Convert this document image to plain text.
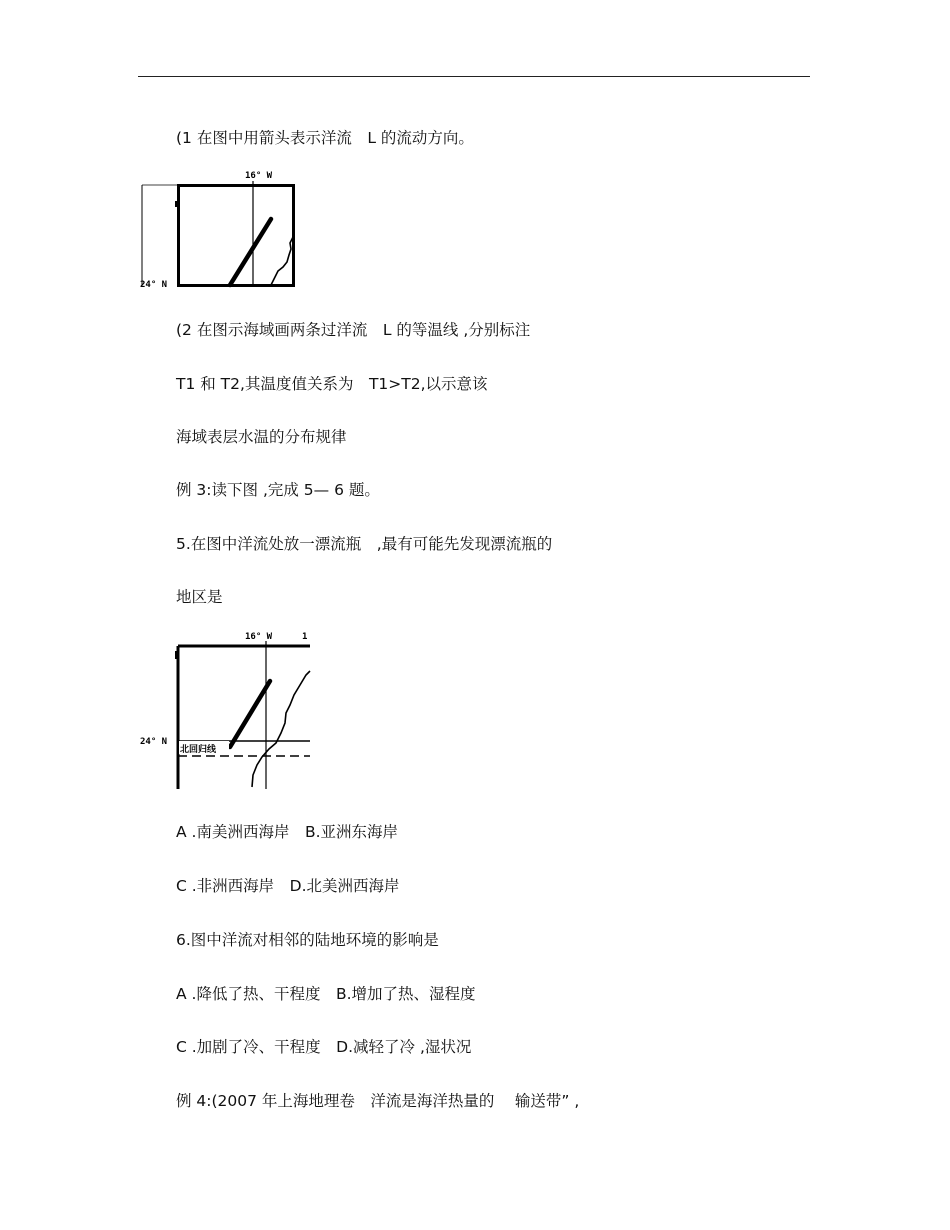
(1 在图中用箭头表示洋流　L 的流动方向。
16° W
24° N
(2 在图示海域画两条过洋流　L 的等温线 ,分别标注
T1 和 T2,其温度值关系为　T1>T2,以示意该
海域表层水温的分布规律
例 3:读下图 ,完成 5— 6 题。
5.在图中洋流处放一漂流瓶　,最有可能先发现漂流瓶的
地区是
16° W	1
北回归线
24° N
A .南美洲西海岸　B.亚洲东海岸
C .非洲西海岸　D.北美洲西海岸
6.图中洋流对相邻的陆地环境的影响是
A .降低了热、干程度　B.增加了热、湿程度
C .加剧了冷、干程度　D.减轻了冷 ,湿状况
例 4:(2007 年上海地理卷　洋流是海洋热量的　 输送带” ,
